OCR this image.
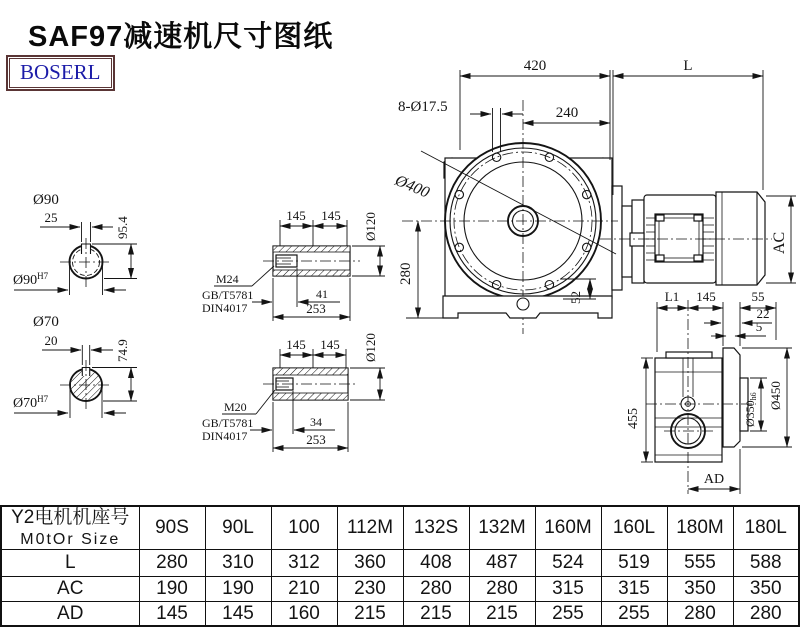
SAF97减速机尺寸图纸
BOSERL	420	L
8-Ø17.5	240
Ø400
280
52
AC
25	95.4
Ø90
$Ø90^{H7}$
20	74.9
Ø70
$Ø70^{H7}$
145 145 Ø120
M24
GB/T5781
DIN4017
41
253
145 145 Ø120
M20
GB/T5781
DIN4017
34
253
L1 145	55
22
5
455	Ø350h6 Ø450
AD
Y2电机机座号
M0tOr Size	90S	90L	100	112M	132S	132M	160M	160L	180M	180L
L	280	310	312	360	408	487	524	519	555	588
AC	190	190	210	230	280	280	315	315	350	350
AD	145	145	160	215	215	215	255	255	280	280
